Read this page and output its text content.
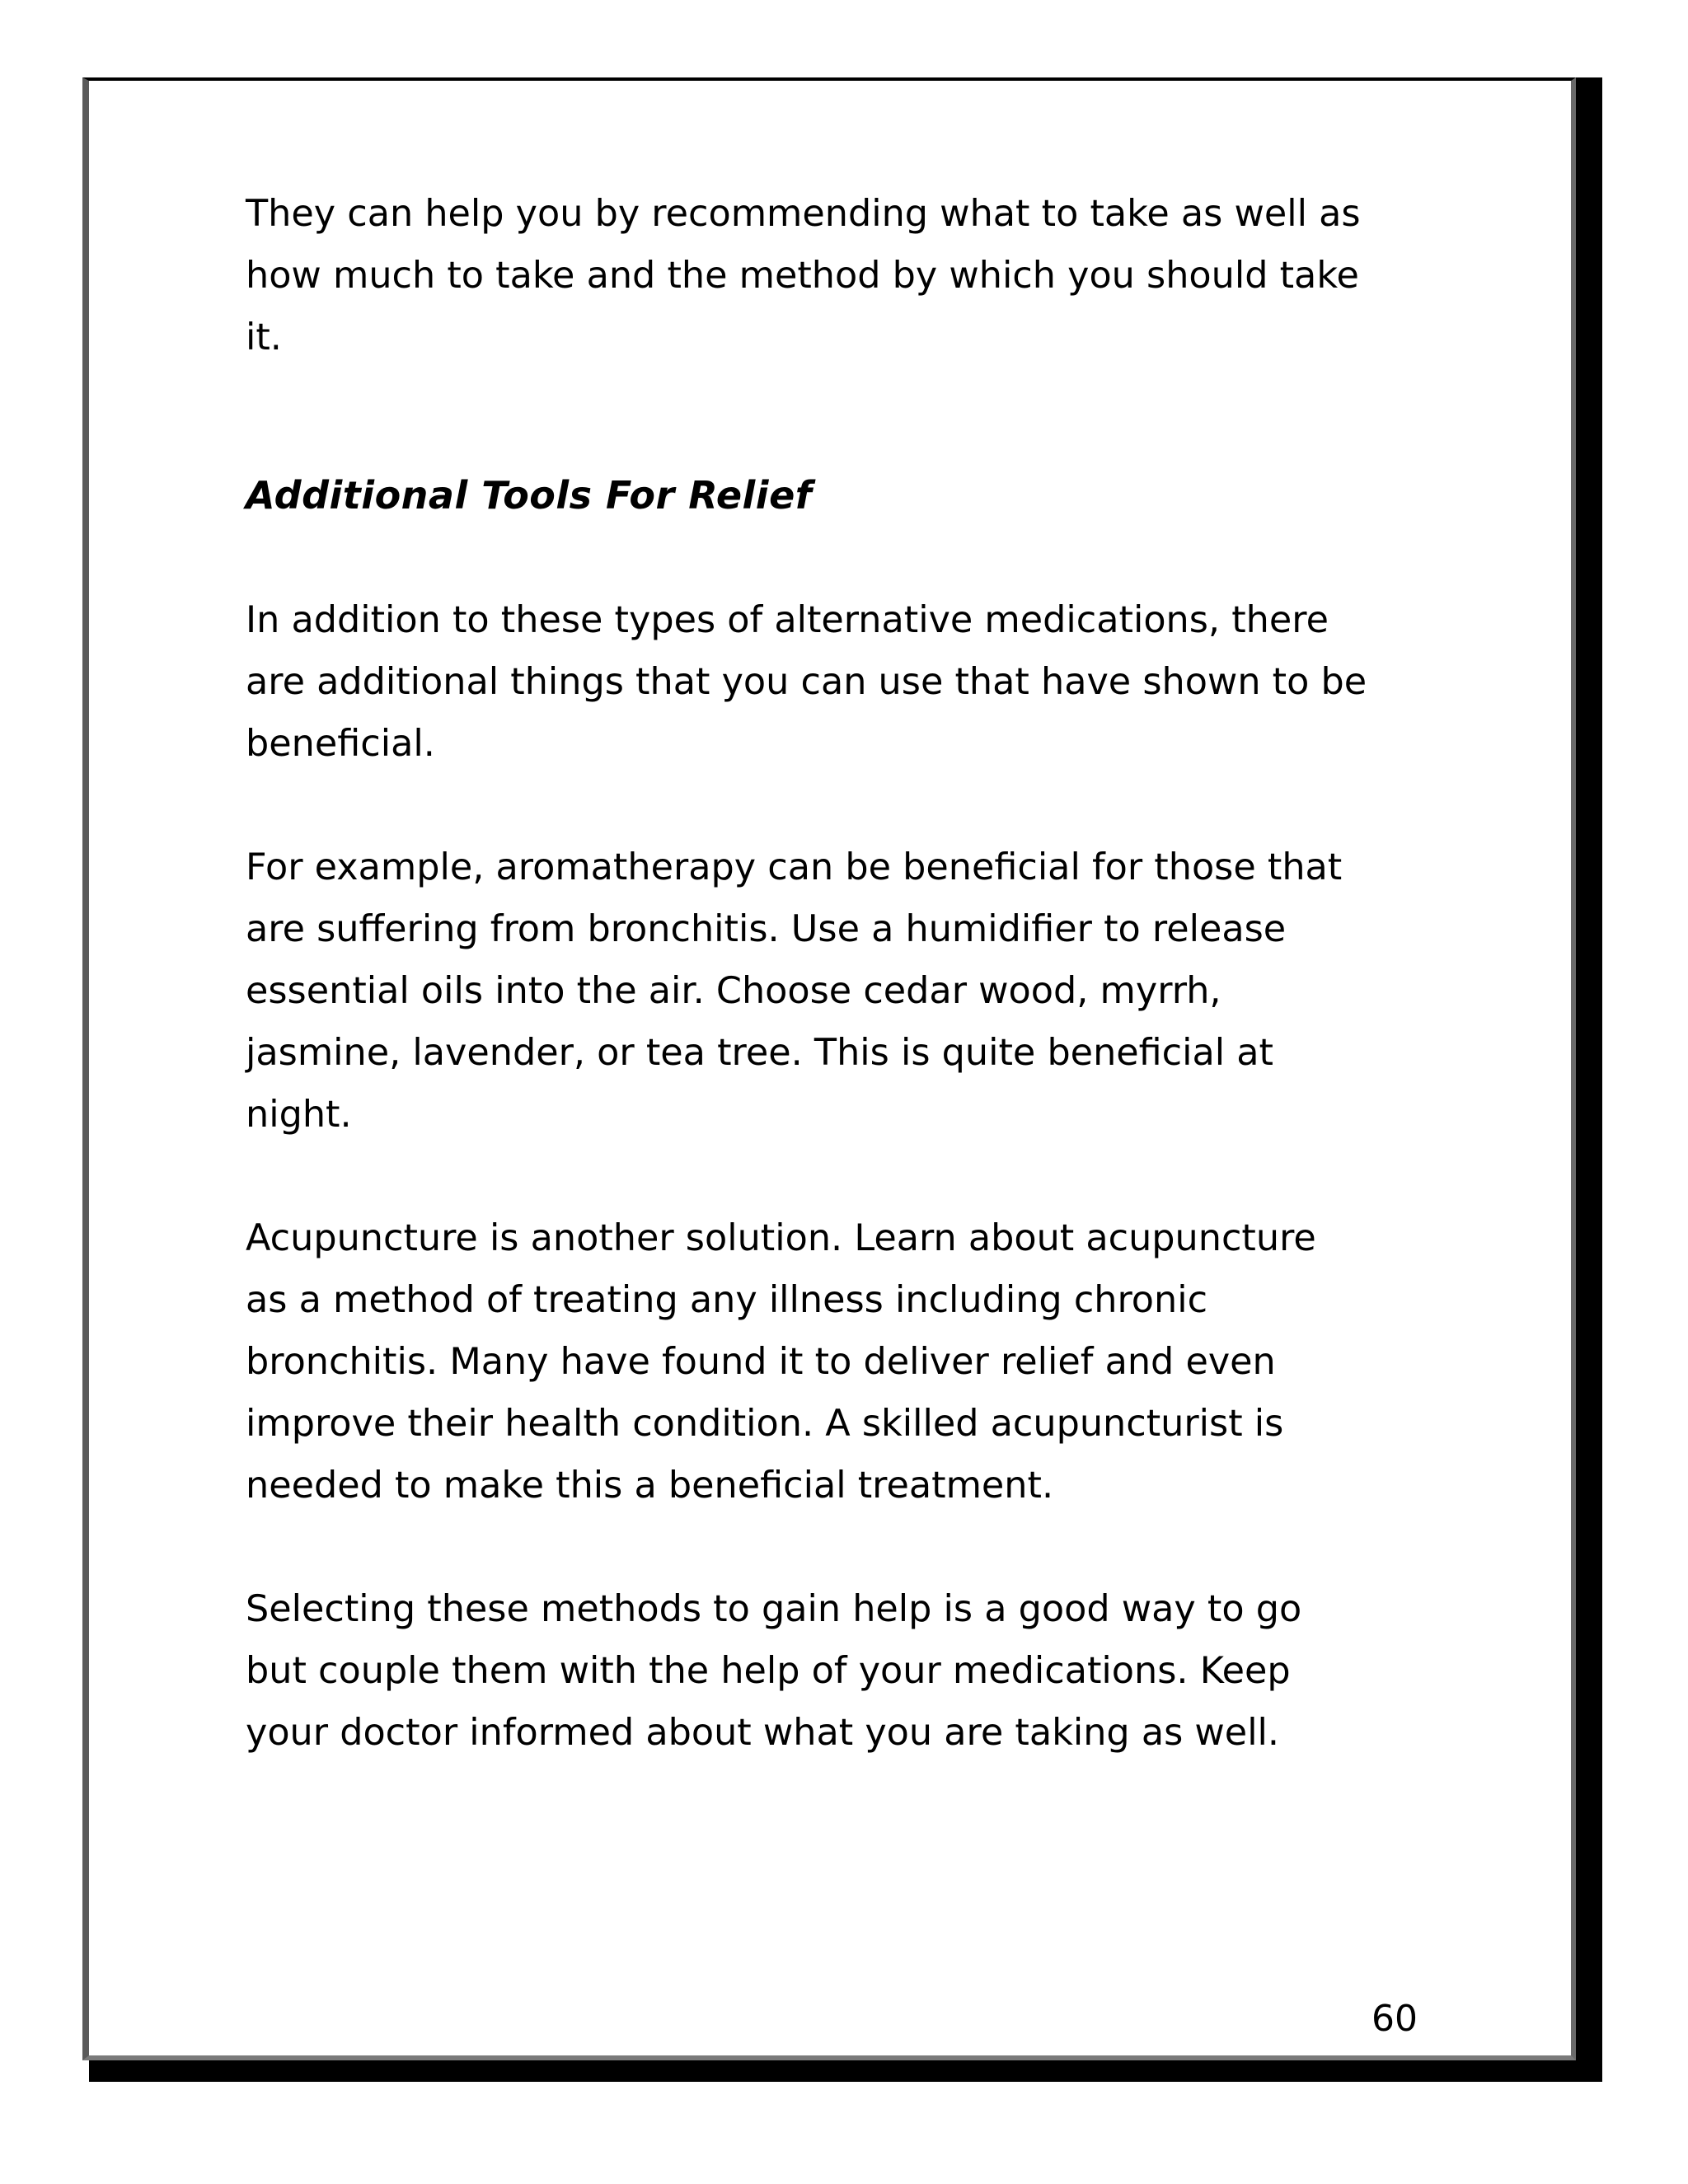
They can help you by recommending what to take as well as
how much to take and the method by which you should take
it.

Additional Tools For Relief

In addition to these types of alternative medications, there
are additional things that you can use that have shown to be
beneficial.

For example, aromatherapy can be beneficial for those that
are suffering from bronchitis. Use a humidifier to release
essential oils into the air. Choose cedar wood, myrrh,
jasmine, lavender, or tea tree. This is quite beneficial at
night.

Acupuncture is another solution. Learn about acupuncture
as a method of treating any illness including chronic
bronchitis. Many have found it to deliver relief and even
improve their health condition. A skilled acupuncturist is
needed to make this a beneficial treatment.

Selecting these methods to gain help is a good way to go
but couple them with the help of your medications. Keep
your doctor informed about what you are taking as well.

60
